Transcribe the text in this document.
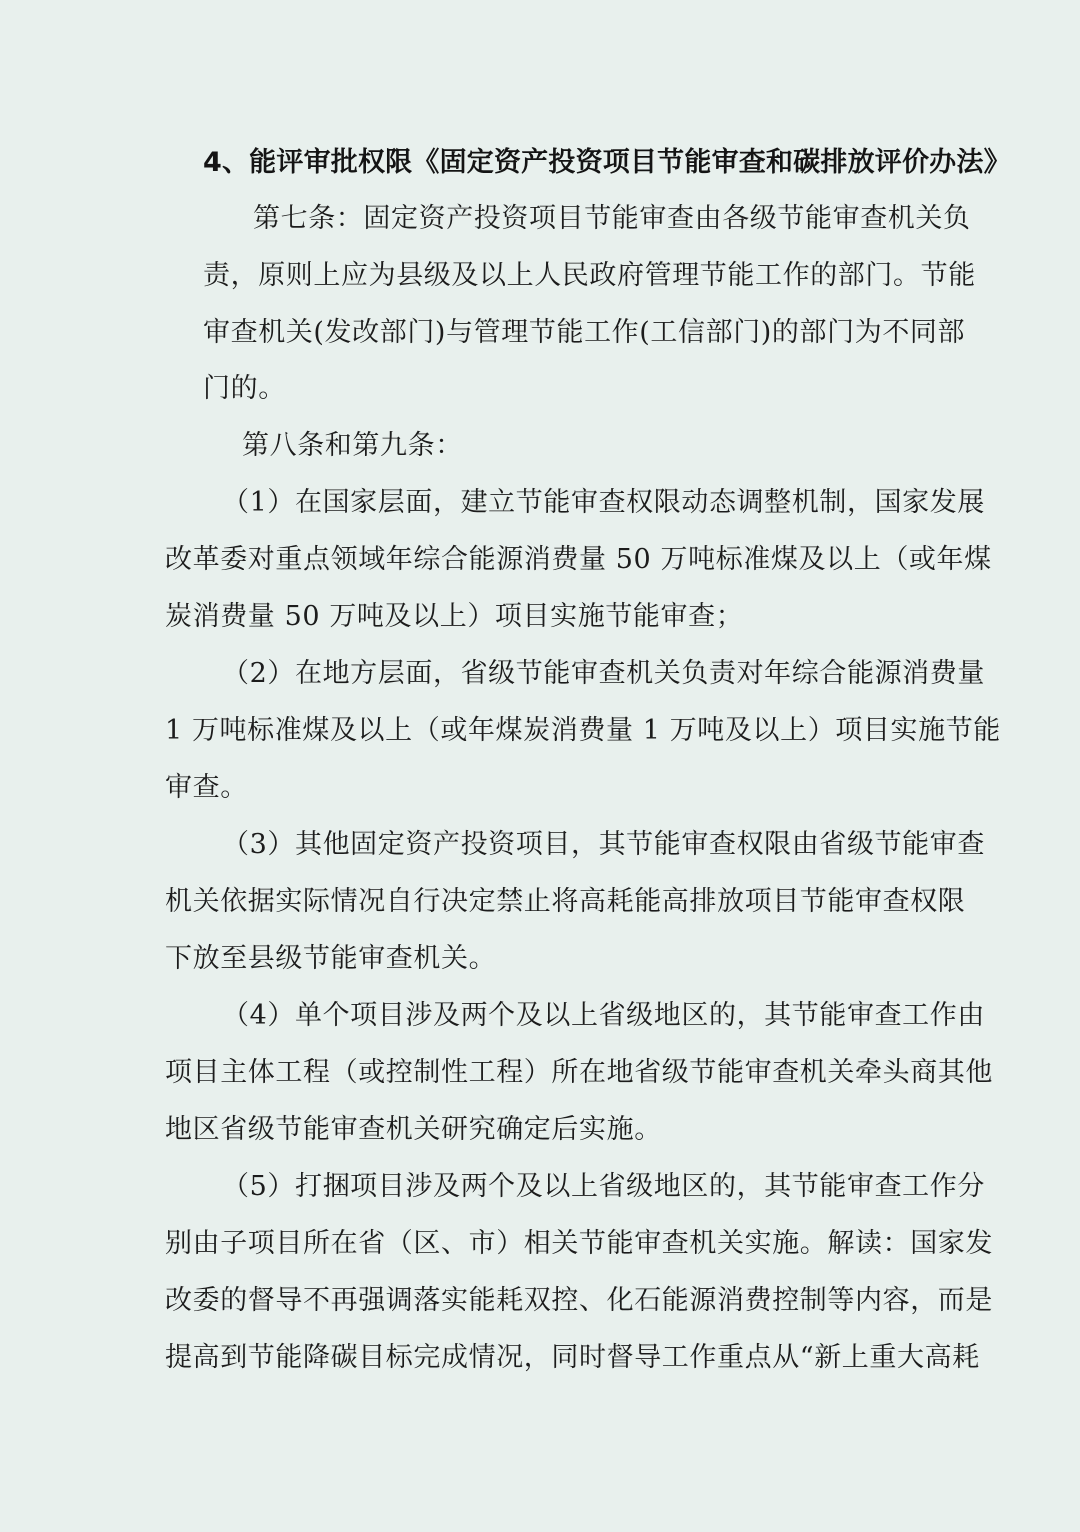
4、能评审批权限《固定资产投资项目节能审查和碳排放评价办法》

第七条：固定资产投资项目节能审查由各级节能审查机关负

责，原则上应为县级及以上人民政府管理节能工作的部门。节能

审查机关(发改部门)与管理节能工作(工信部门)的部门为不同部

门的。

第八条和第九条：

（1）在国家层面，建立节能审查权限动态调整机制，国家发展

改革委对重点领域年综合能源消费量 50 万吨标准煤及以上（或年煤

炭消费量 50 万吨及以上）项目实施节能审查；

（2）在地方层面，省级节能审查机关负责对年综合能源消费量

1 万吨标准煤及以上（或年煤炭消费量 1 万吨及以上）项目实施节能

审查。

（3）其他固定资产投资项目，其节能审查权限由省级节能审查

机关依据实际情况自行决定禁止将高耗能高排放项目节能审查权限

下放至县级节能审查机关。

（4）单个项目涉及两个及以上省级地区的，其节能审查工作由

项目主体工程（或控制性工程）所在地省级节能审查机关牵头商其他

地区省级节能审查机关研究确定后实施。

（5）打捆项目涉及两个及以上省级地区的，其节能审查工作分

别由子项目所在省（区、市）相关节能审查机关实施。解读：国家发

改委的督导不再强调落实能耗双控、化石能源消费控制等内容，而是

提高到节能降碳目标完成情况，同时督导工作重点从“新上重大高耗
